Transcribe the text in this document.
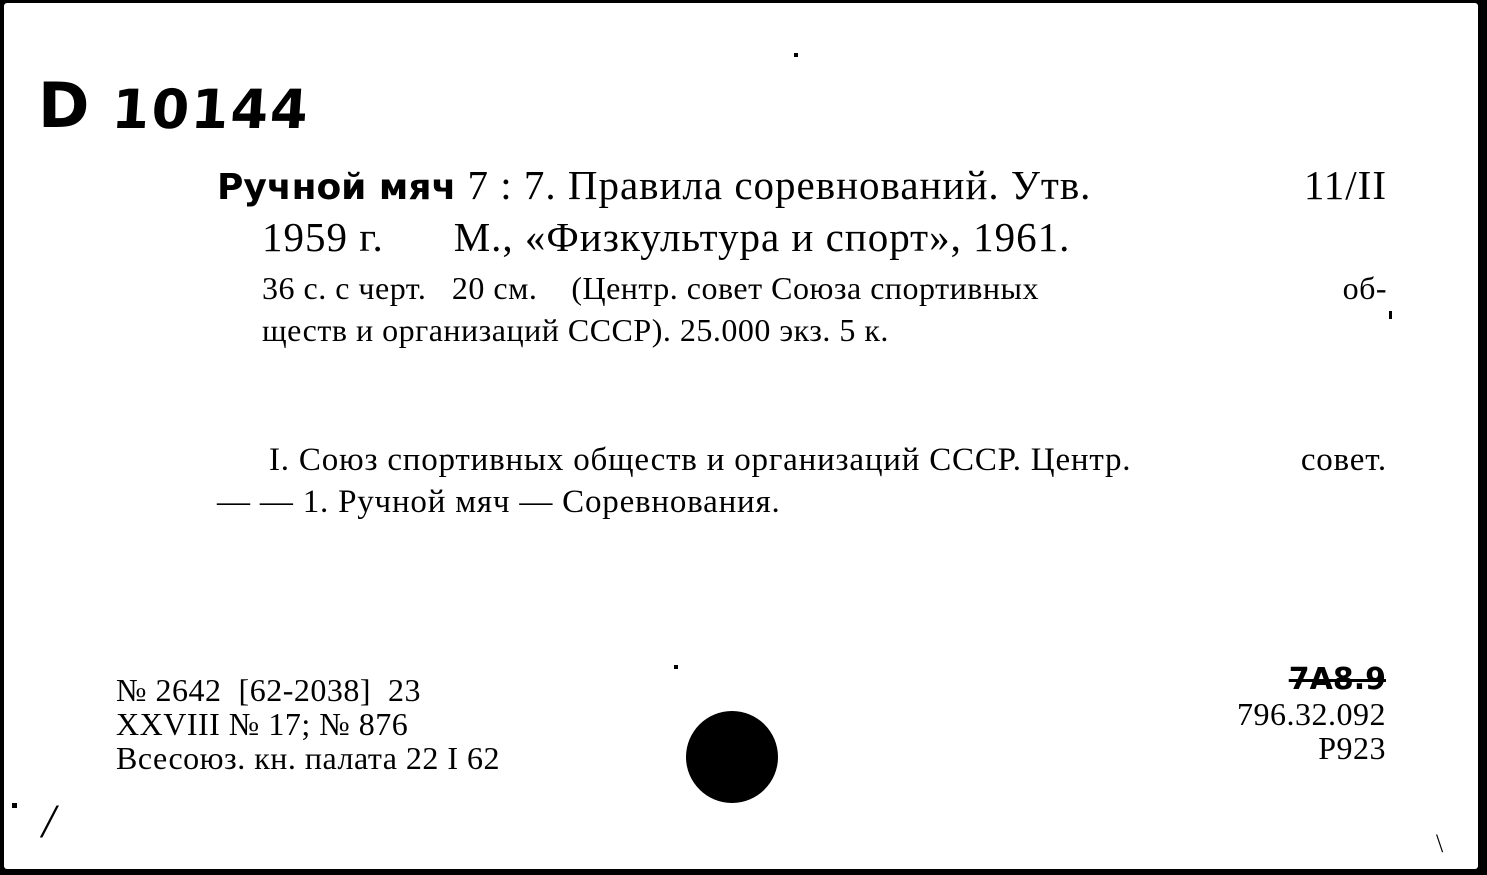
D 10144
Ручной мяч 7 : 7. Правила соревнований. Утв.	11/II
1959 г. М., «Физкультура и спорт», 1961.
36 с. с черт.   20 см.    (Центр. совет Союза спортивных	об-
ществ и организаций СССР). 25.000 экз. 5 к.
I. Союз спортивных обществ и организаций СССР. Центр.	совет.
— — 1. Ручной мяч — Соревнования.
№ 2642  [62-2038]  23
XXVIII № 17; № 876
Всесоюз. кн. палата 22 I 62
7А8.9
796.32.092
Р923
/	\
